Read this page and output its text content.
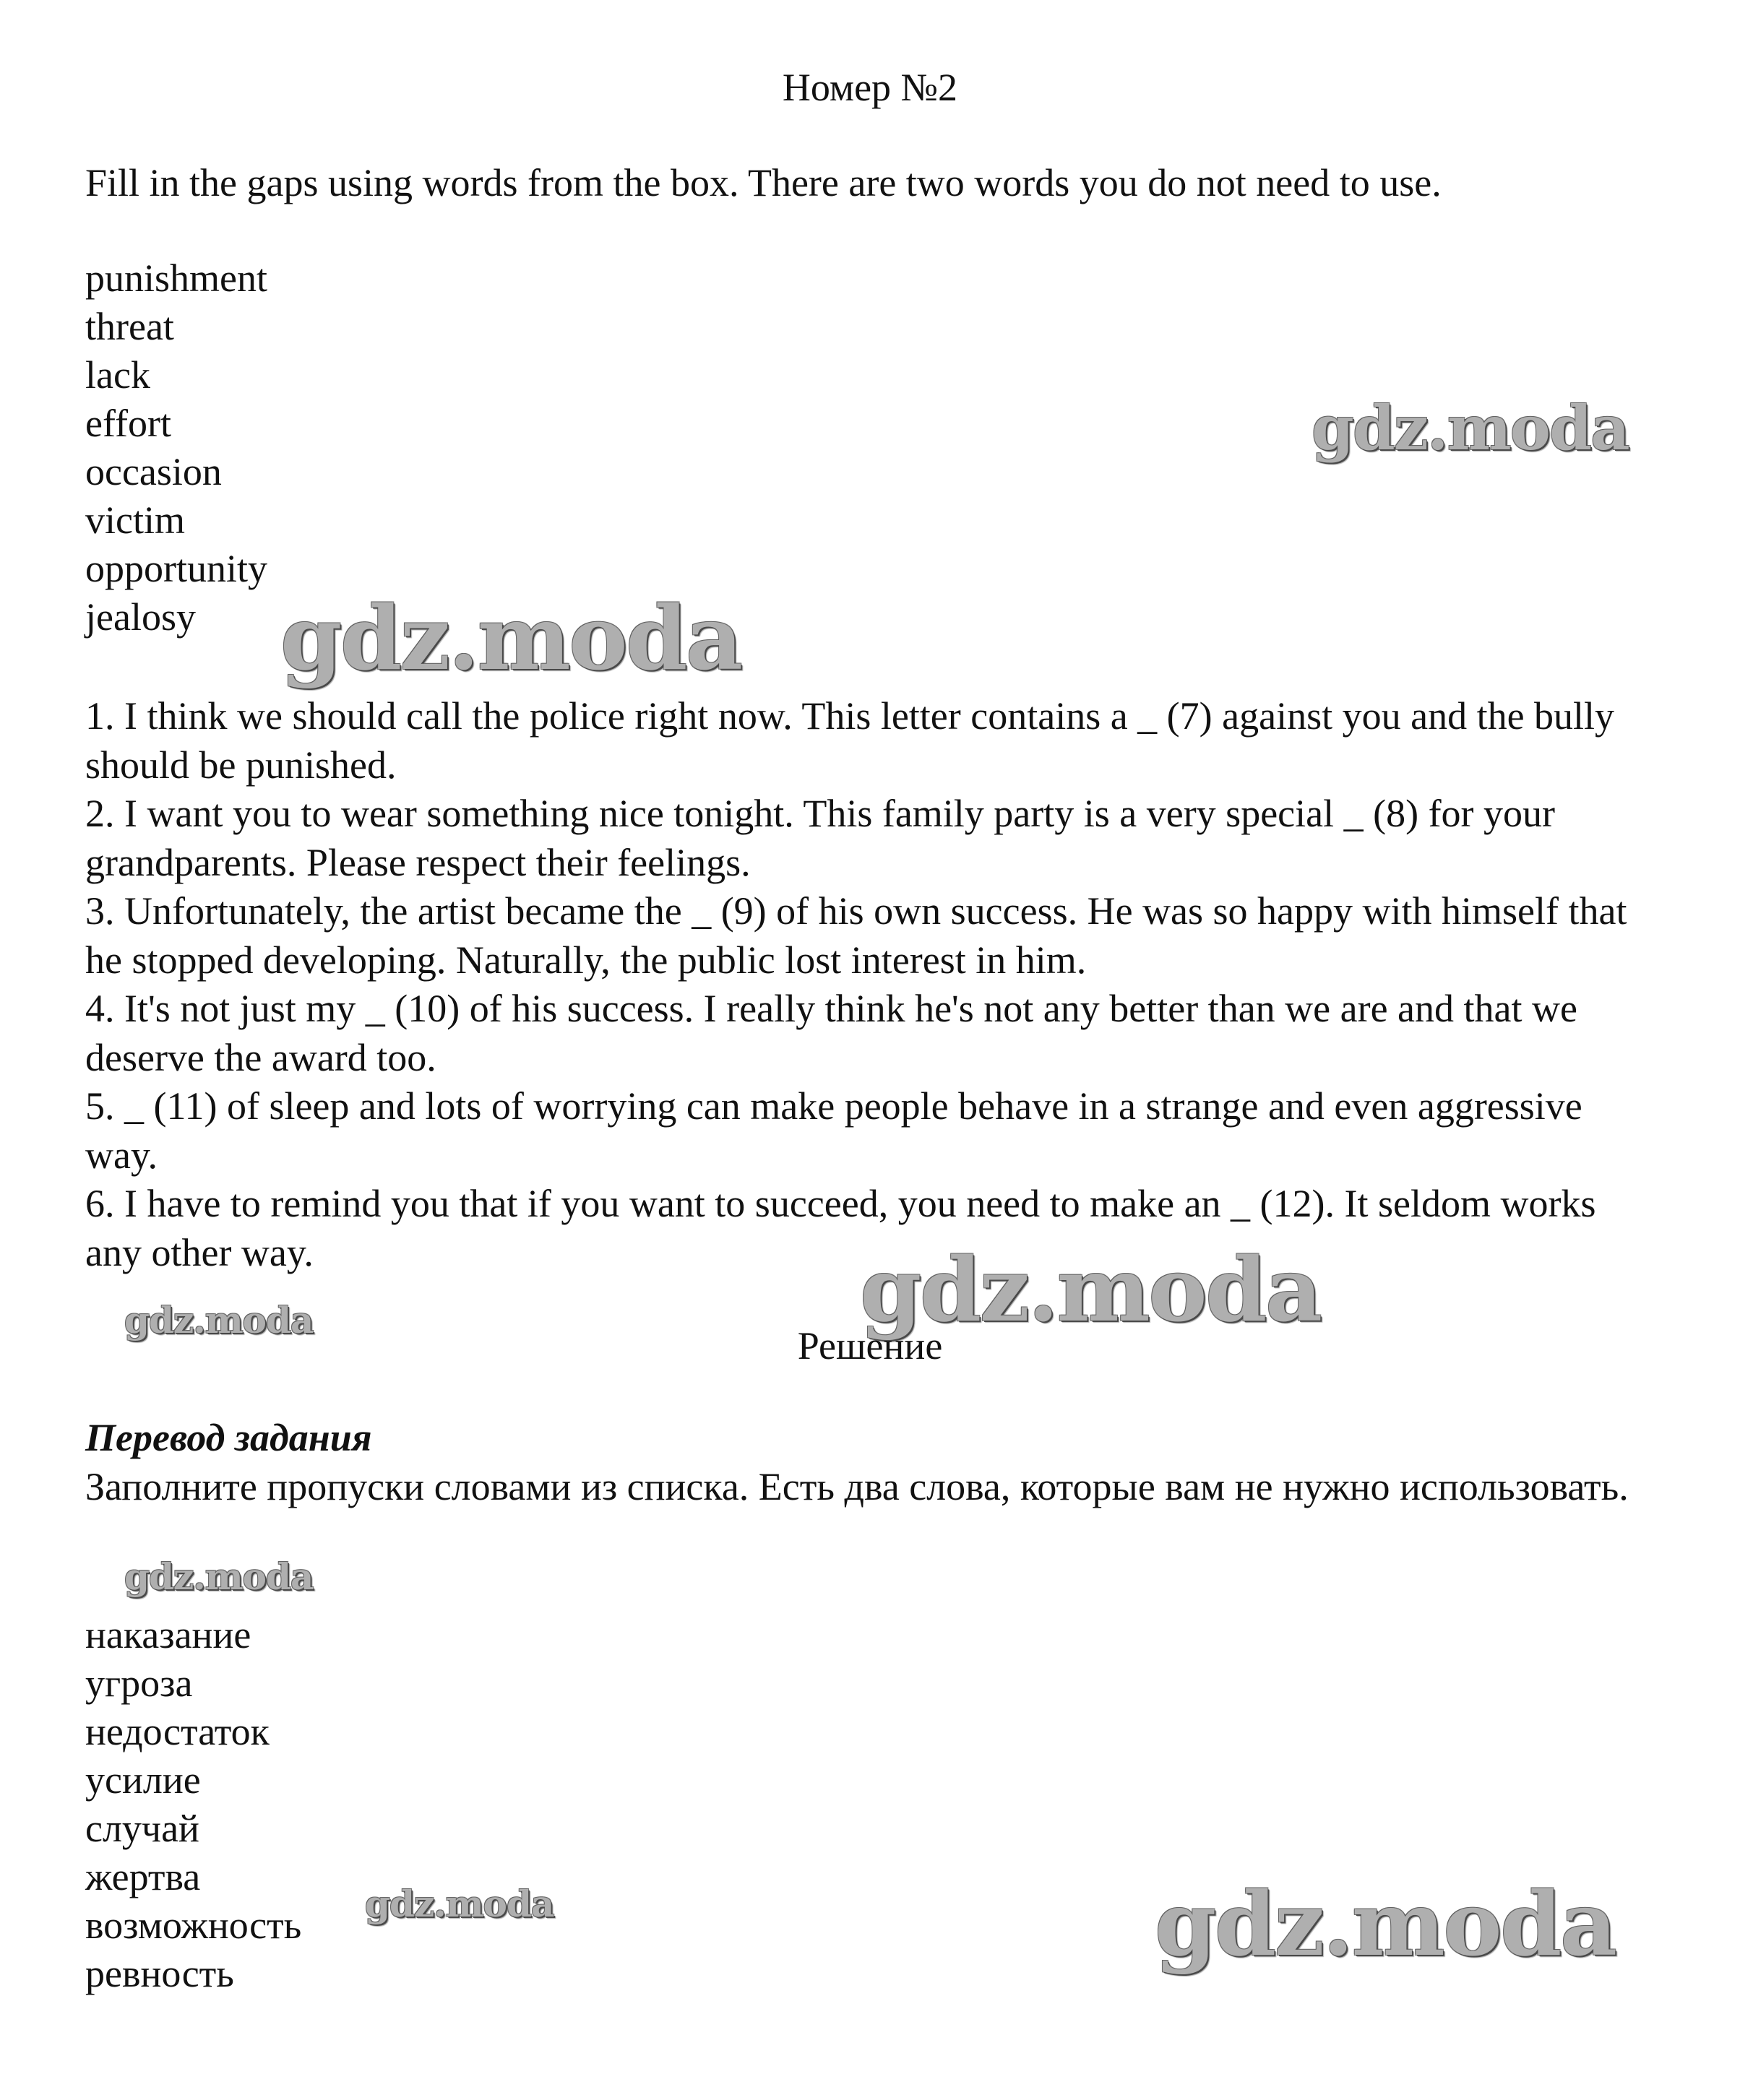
Номер №2
Fill in the gaps using words from the box. There are two words you do not need to use.
punishment
threat
lack
effort
occasion
victim
opportunity
jealosy

1. I think we should call the police right now. This letter contains a _ (7) against you and the bully should be punished.

2. I want you to wear something nice tonight. This family party is a very special _ (8) for your grandparents. Please respect their feelings.

3. Unfortunately, the artist became the _ (9) of his own success. He was so happy with himself that he stopped developing. Naturally, the public lost interest in him.

4. It's not just my _ (10) of his success. I really think he's not any better than we are and that we deserve the award too.

5. _ (11) of sleep and lots of worrying can make people behave in a strange and even aggressive way.

6. I have to remind you that if you want to succeed, you need to make an _ (12). It seldom works any other way.

Решение
Перевод задания
Заполните пропуски словами из списка. Есть два слова, которые вам не нужно использовать.
наказание
угроза
недостаток
усилие
случай
жертва
возможность
ревность
gdz.moda
gdz.moda
gdz.moda
gdz.moda
gdz.moda
gdz.moda	gdz.moda
